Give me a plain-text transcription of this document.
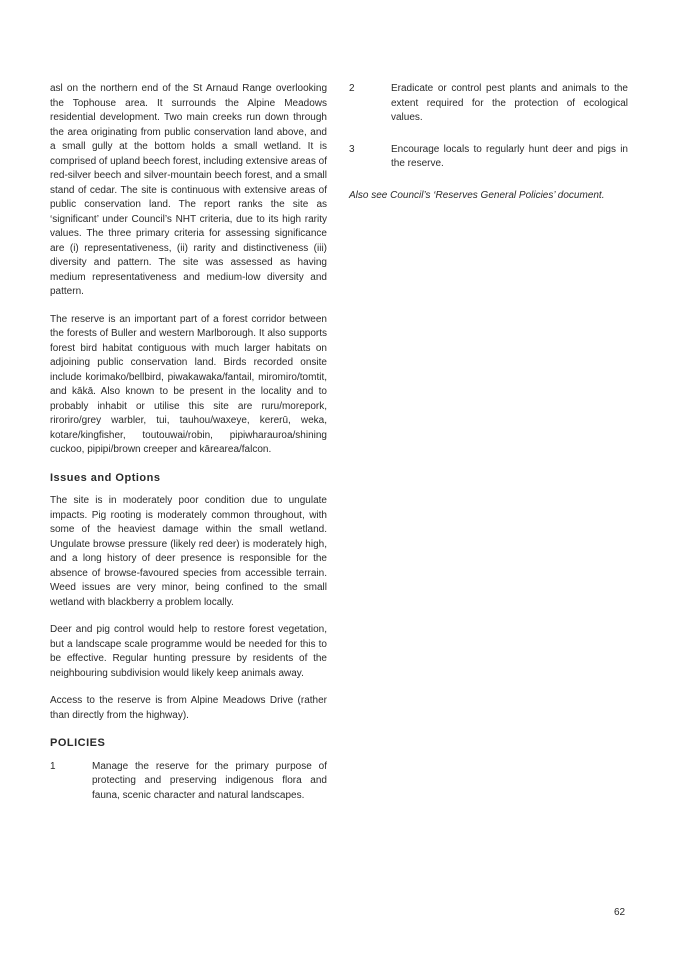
asl on the northern end of the St Arnaud Range overlooking the Tophouse area. It surrounds the Alpine Meadows residential development. Two main creeks run down through the area originating from public conservation land above, and a small gully at the bottom holds a small wetland. It is comprised of upland beech forest, including extensive areas of red-silver beech and silver-mountain beech forest, and a small stand of cedar. The site is continuous with extensive areas of public conservation land. The report ranks the site as ‘significant’ under Council’s NHT criteria, due to its high rarity values. The three primary criteria for assessing significance are (i) representativeness, (ii) rarity and distinctiveness (iii) diversity and pattern. The site was assessed as having medium representativeness and medium-low diversity and pattern.

The reserve is an important part of a forest corridor between the forests of Buller and western Marlborough. It also supports forest bird habitat contiguous with much larger habitats on adjoining public conservation land. Birds recorded onsite include korimako/bellbird, piwakawaka/fantail, miromiro/tomtit, and kākā. Also known to be present in the locality and to probably inhabit or utilise this site are ruru/morepork, riroriro/grey warbler, tui, tauhou/waxeye, kererū, weka, kotare/kingfisher, toutouwai/robin, pipiwharauroa/shining cuckoo, pipipi/brown creeper and kārearea/falcon.

Issues and Options

The site is in moderately poor condition due to ungulate impacts. Pig rooting is moderately common throughout, with some of the heaviest damage within the small wetland. Ungulate browse pressure (likely red deer) is moderately high, and a long history of deer presence is responsible for the absence of browse-favoured species from accessible terrain. Weed issues are very minor, being confined to the small wetland with blackberry a problem locally.

Deer and pig control would help to restore forest vegetation, but a landscape scale programme would be needed for this to be effective. Regular hunting pressure by residents of the neighbouring subdivision would likely keep animals away.

Access to the reserve is from Alpine Meadows Drive (rather than directly from the highway).

POLICIES
1	Manage the reserve for the primary purpose of protecting and preserving indigenous flora and fauna, scenic character and natural landscapes.
2	Eradicate or control pest plants and animals to the extent required for the protection of ecological values.
3	Encourage locals to regularly hunt deer and pigs in the reserve.

Also see Council’s ‘Reserves General Policies’ document.

62
